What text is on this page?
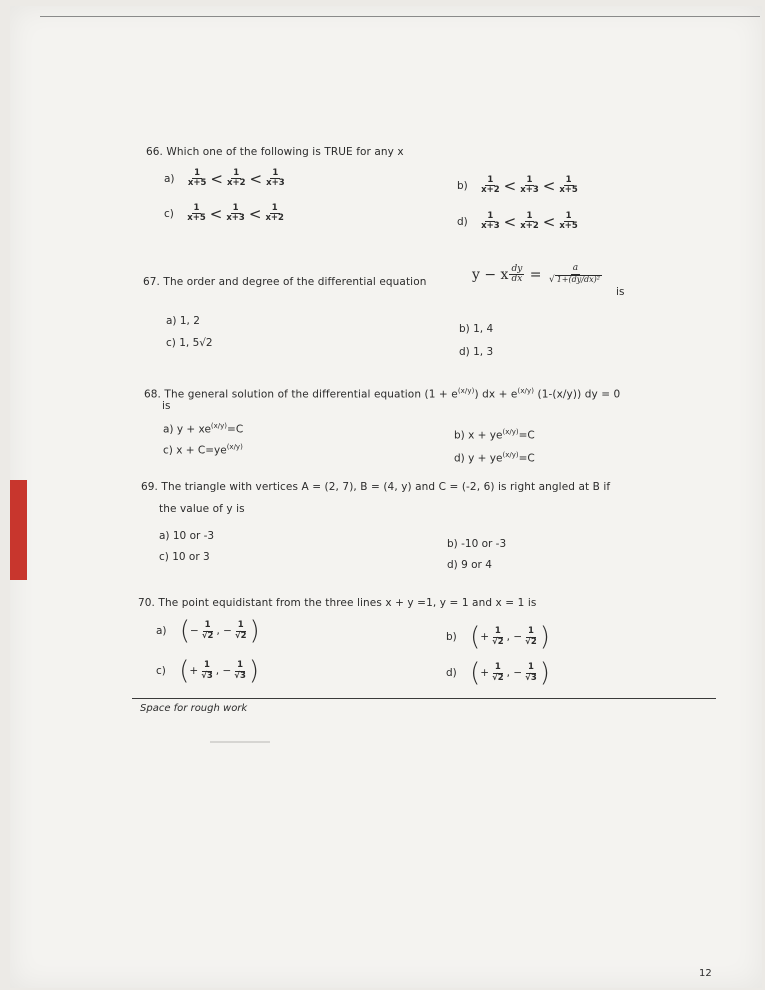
66. Which one of the following is TRUE for any x
$a) \frac{1}{x+5} < \frac{1}{x+2} < \frac{1}{x+3}$	$b) \frac{1}{x+2} < \frac{1}{x+3} < \frac{1}{x+5}$
$c) \frac{1}{x+5} < \frac{1}{x+3} < \frac{1}{x+2}$	$d) \frac{1}{x+3} < \frac{1}{x+2} < \frac{1}{x+5}$
67. The order and degree of the differential equation	y − x $\frac{dy}{dx} = \frac{a}{\text{√ 1+(dy/dx)²}}$
is
a) 1, 2
b) 1, 4
c) 1, 5√2
d) 1, 3
68. The general solution of the differential equation $(1 + e^{(x/y)})$ dx + $e^{(x/y)}$ (1-(x/y)) dy = 0
is
a) $y + xe^{(x/y)}=C$	b) $x + ye^{(x/y)}=C$
c) $x + C=ye^{(x/y)}$
d) $y + ye^{(x/y)}=C$
69. The triangle with vertices A = (2, 7), B = (4, y) and C = (-2, 6) is right angled at B if
the value of y is
a) 10 or -3
b) -10 or -3
c) 10 or 3
d) 9 or 4
70. The point equidistant from the three lines x + y =1, y = 1 and x = 1 is
a) (− $\frac{1}{√2}$ , − $\frac{1}{√2}$ )	b) (+ $\frac{1}{√2}$ , − $\frac{1}{√2}$ )
c) (+ $\frac{1}{√3}$ , − $\frac{1}{√3}$ )	d) (+ $\frac{1}{√2}$ , − $\frac{1}{√3}$ )
Space for rough work
12
